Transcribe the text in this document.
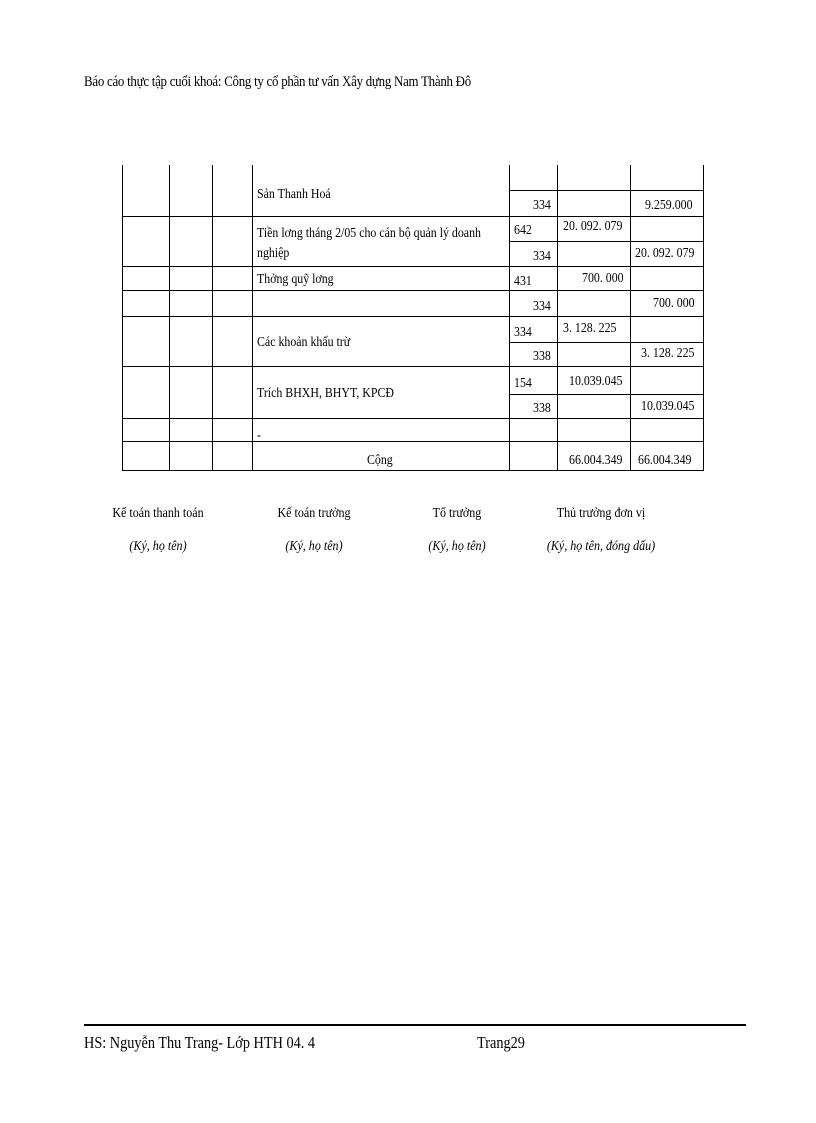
Báo cáo thực tập cuối khoá: Công ty cổ phần tư vấn Xây dựng Nam Thành Đô
Sản Thanh Hoá
Tiền lơng tháng 2/05 cho cán bộ quản lý doanh nghiệp
Thởng quỹ lơng
Các khoản khấu trừ
Trích BHXH, BHYT, KPCĐ
-
334
642
334
431
334
334
338
154
338
20. 092. 079
700. 000
3. 128. 225
10.039.045
9.259.000
20. 092. 079
700. 000
3. 128. 225
10.039.045
Cộng	66.004.349 66.004.349
Kế toán thanh toán
(Ký, họ tên)
Kế toán trưởng
(Ký, họ tên)
Tổ trưởng
(Ký, họ tên)
Thủ trưởng đơn vị
(Ký, họ tên, đóng dấu)
HS: Nguyễn Thu Trang- Lớp HTH 04. 4	Trang29
